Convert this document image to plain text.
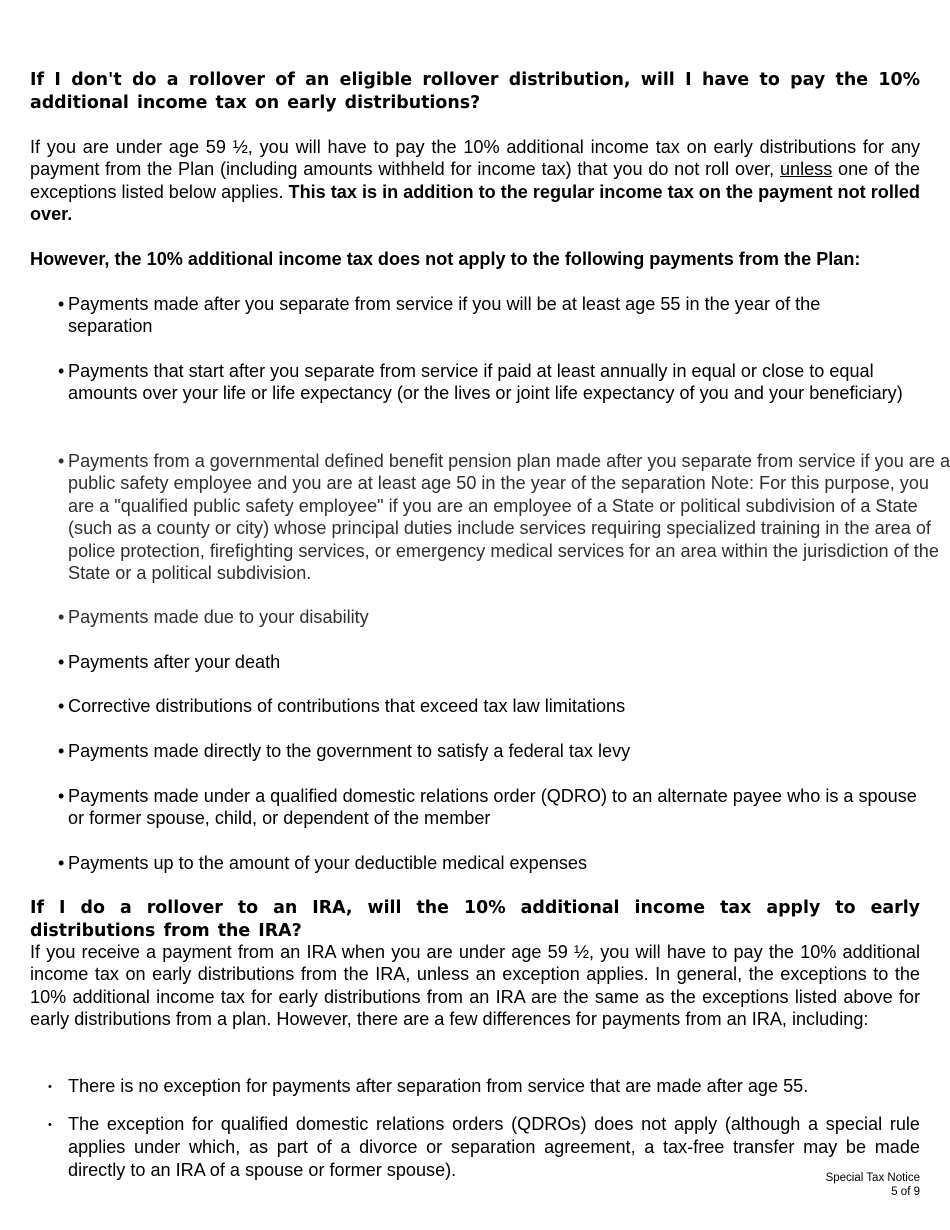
If I don't do a rollover of an eligible rollover distribution, will I have to pay the 10% additional income tax on early distributions?

If you are under age 59 ½, you will have to pay the 10% additional income tax on early distributions for any payment from the Plan (including amounts withheld for income tax) that you do not roll over, unless one of the exceptions listed below applies. This tax is in addition to the regular income tax on the payment not rolled over.

However, the 10% additional income tax does not apply to the following payments from the Plan:

• Payments made after you separate from service if you will be at least age 55 in the year of the separation
• Payments that start after you separate from service if paid at least annually in equal or close to equal amounts over your life or life expectancy (or the lives or joint life expectancy of you and your beneficiary)
• Payments from a governmental defined benefit pension plan made after you separate from service if you are a public safety employee and you are at least age 50 in the year of the separation Note: For this purpose, you are a "qualified public safety employee" if you are an employee of a State or political subdivision of a State (such as a county or city) whose principal duties include services requiring specialized training in the area of police protection, firefighting services, or emergency medical services for an area within the jurisdiction of the State or a political subdivision.
• Payments made due to your disability
• Payments after your death
• Corrective distributions of contributions that exceed tax law limitations
• Payments made directly to the government to satisfy a federal tax levy
• Payments made under a qualified domestic relations order (QDRO) to an alternate payee who is a spouse or former spouse, child, or dependent of the member
• Payments up to the amount of your deductible medical expenses

If I do a rollover to an IRA, will the 10% additional income tax apply to early distributions from the IRA?

If you receive a payment from an IRA when you are under age 59 ½, you will have to pay the 10% additional income tax on early distributions from the IRA, unless an exception applies. In general, the exceptions to the 10% additional income tax for early distributions from an IRA are the same as the exceptions listed above for early distributions from a plan. However, there are a few differences for payments from an IRA, including:

• There is no exception for payments after separation from service that are made after age 55.
• The exception for qualified domestic relations orders (QDROs) does not apply (although a special rule applies under which, as part of a divorce or separation agreement, a tax-free transfer may be made directly to an IRA of a spouse or former spouse).	Special Tax Notice
5 of 9
